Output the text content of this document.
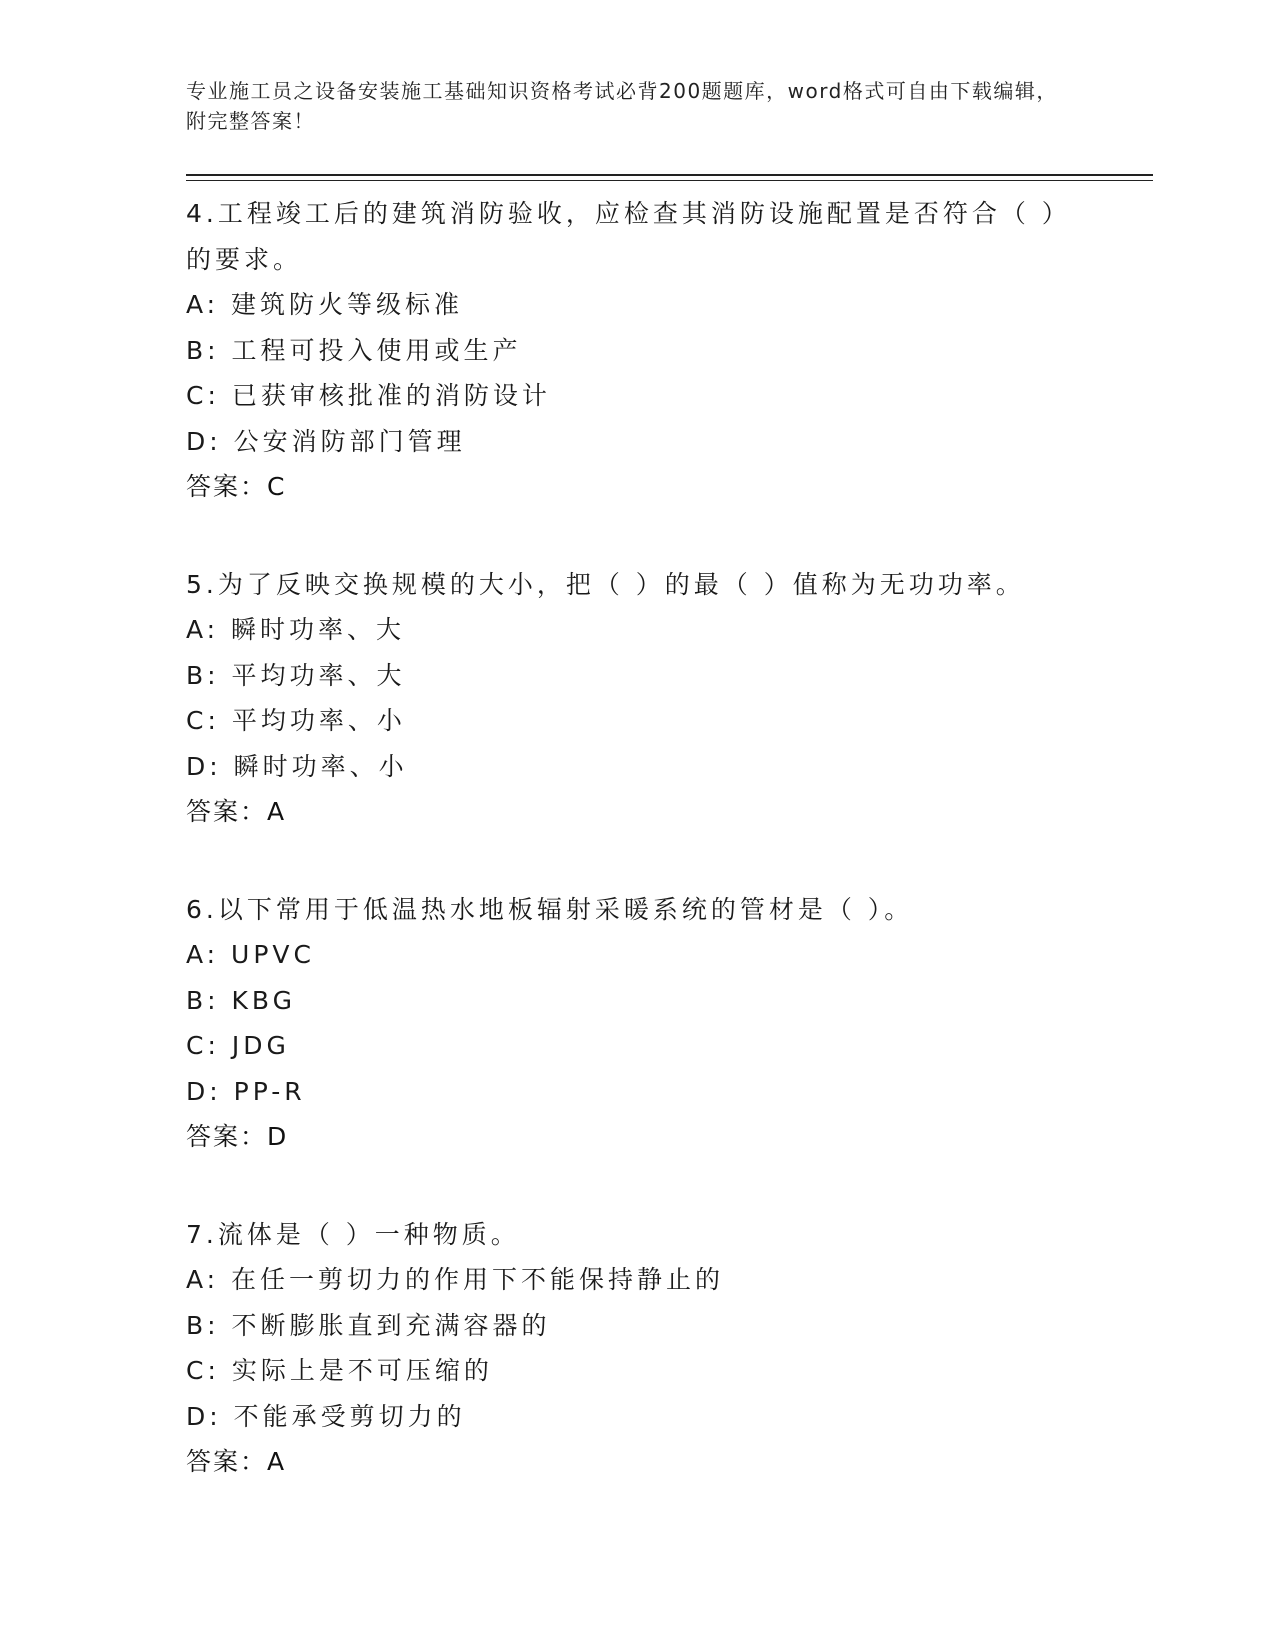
专业施工员之设备安装施工基础知识资格考试必背200题题库，word格式可自由下载编辑，附完整答案！
4.工程竣工后的建筑消防验收，应检查其消防设施配置是否符合（ ）的要求。
A: 建筑防火等级标准
B: 工程可投入使用或生产
C: 已获审核批准的消防设计
D: 公安消防部门管理
答案：C
5.为了反映交换规模的大小，把（ ）的最（ ）值称为无功功率。
A: 瞬时功率、大
B: 平均功率、大
C: 平均功率、小
D: 瞬时功率、小
答案：A
6.以下常用于低温热水地板辐射采暖系统的管材是（ ）。
A: UPVC
B: KBG
C: JDG
D: PP-R
答案：D
7.流体是（ ）一种物质。
A: 在任一剪切力的作用下不能保持静止的
B: 不断膨胀直到充满容器的
C: 实际上是不可压缩的
D: 不能承受剪切力的
答案：A
